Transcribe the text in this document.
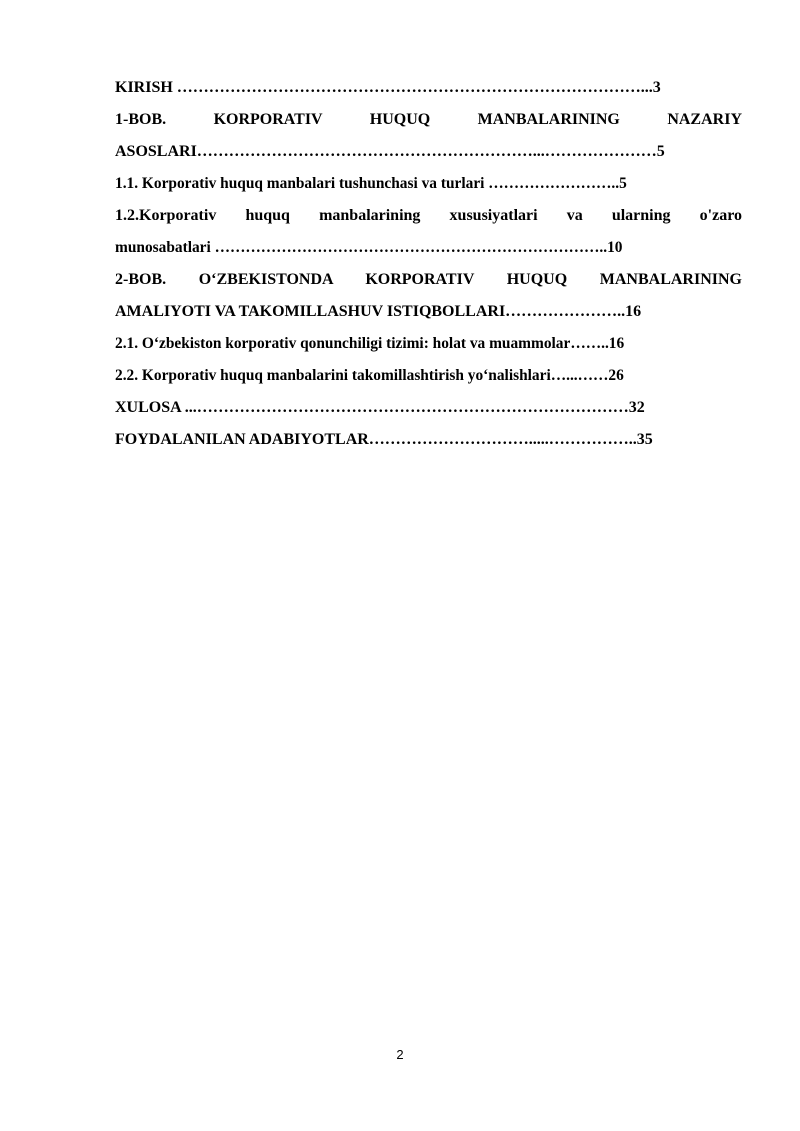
KIRISH ……………………………………………………………………………...3
1-BOB. KORPORATIV HUQUQ MANBALARINING NAZARIY
ASOSLARI………………………………………………………...…………………5
1.1. Korporativ huquq manbalari tushunchasi va turlari ……………………..5
1.2.Korporativ huquq manbalarining xususiyatlari va ularning o'zaro
munosabatlari …………………………………………………………………..10
2-BOB. O‘ZBEKISTONDA KORPORATIV HUQUQ MANBALARINING
AMALIYOTI VA TAKOMILLASHUV ISTIQBOLLARI…………………..16
2.1. O‘zbekiston korporativ qonunchiligi tizimi: holat va muammolar……..16
2.2. Korporativ huquq manbalarini takomillashtirish yo‘nalishlari…...……26
XULOSA ...………………………………………………………………………32
FOYDALANILAN ADABIYOTLAR………………………….....……………..35
2
